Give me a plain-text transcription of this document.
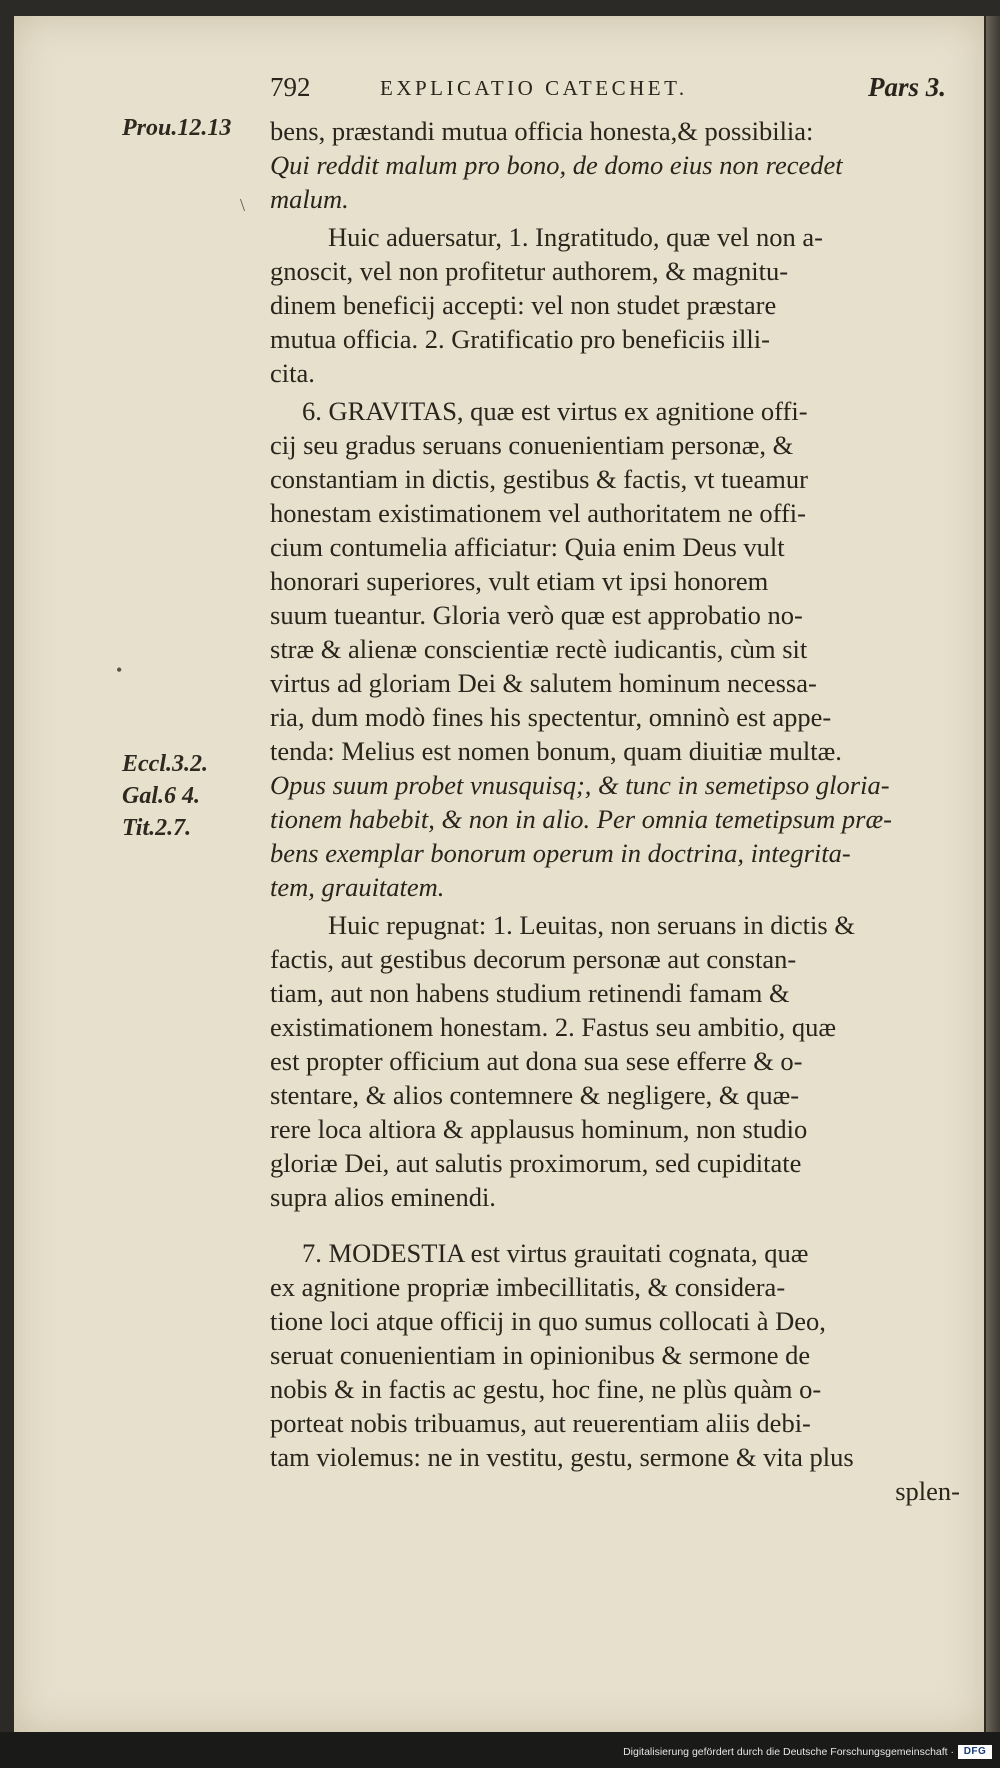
792	EXPLICATIO CATECHET.	Pars 3.
Prou.12.13
Eccl.3.2.
Gal.6 4.
Tit.2.7.
\
•
bens, præstandi mutua officia honesta,& possibilia:
Qui reddit malum pro bono, de domo eius non recedet
malum.
Huic aduersatur, 1. Ingratitudo, quæ vel non a-
gnoscit, vel non profitetur authorem, & magnitu-
dinem beneficij accepti: vel non studet præstare
mutua officia. 2. Gratificatio pro beneficiis illi-
cita.
6. GRAVITAS, quæ est virtus ex agnitione offi-
cij seu gradus seruans conuenientiam personæ, &
constantiam in dictis, gestibus & factis, vt tueamur
honestam existimationem vel authoritatem ne offi-
cium contumelia afficiatur: Quia enim Deus vult
honorari superiores, vult etiam vt ipsi honorem
suum tueantur. Gloria verò quæ est approbatio no-
stræ & alienæ conscientiæ rectè iudicantis, cùm sit
virtus ad gloriam Dei & salutem hominum necessa-
ria, dum modò fines his spectentur, omninò est appe-
tenda: Melius est nomen bonum, quam diuitiæ multæ.
Opus suum probet vnusquisq;, & tunc in semetipso gloria-
tionem habebit, & non in alio. Per omnia temetipsum præ-
bens exemplar bonorum operum in doctrina, integrita-
tem, grauitatem.
Huic repugnat: 1. Leuitas, non seruans in dictis &
factis, aut gestibus decorum personæ aut constan-
tiam, aut non habens studium retinendi famam &
existimationem honestam. 2. Fastus seu ambitio, quæ
est propter officium aut dona sua sese efferre & o-
stentare, & alios contemnere & negligere, & quæ-
rere loca altiora & applausus hominum, non studio
gloriæ Dei, aut salutis proximorum, sed cupiditate
supra alios eminendi.
7. MODESTIA est virtus grauitati cognata, quæ
ex agnitione propriæ imbecillitatis, & considera-
tione loci atque officij in quo sumus collocati à Deo,
seruat conuenientiam in opinionibus & sermone de
nobis & in factis ac gestu, hoc fine, ne plùs quàm o-
porteat nobis tribuamus, aut reuerentiam aliis debi-
tam violemus: ne in vestitu, gestu, sermone & vita plus
splen-
Digitalisierung gefördert durch die Deutsche Forschungsgemeinschaft · DFG
